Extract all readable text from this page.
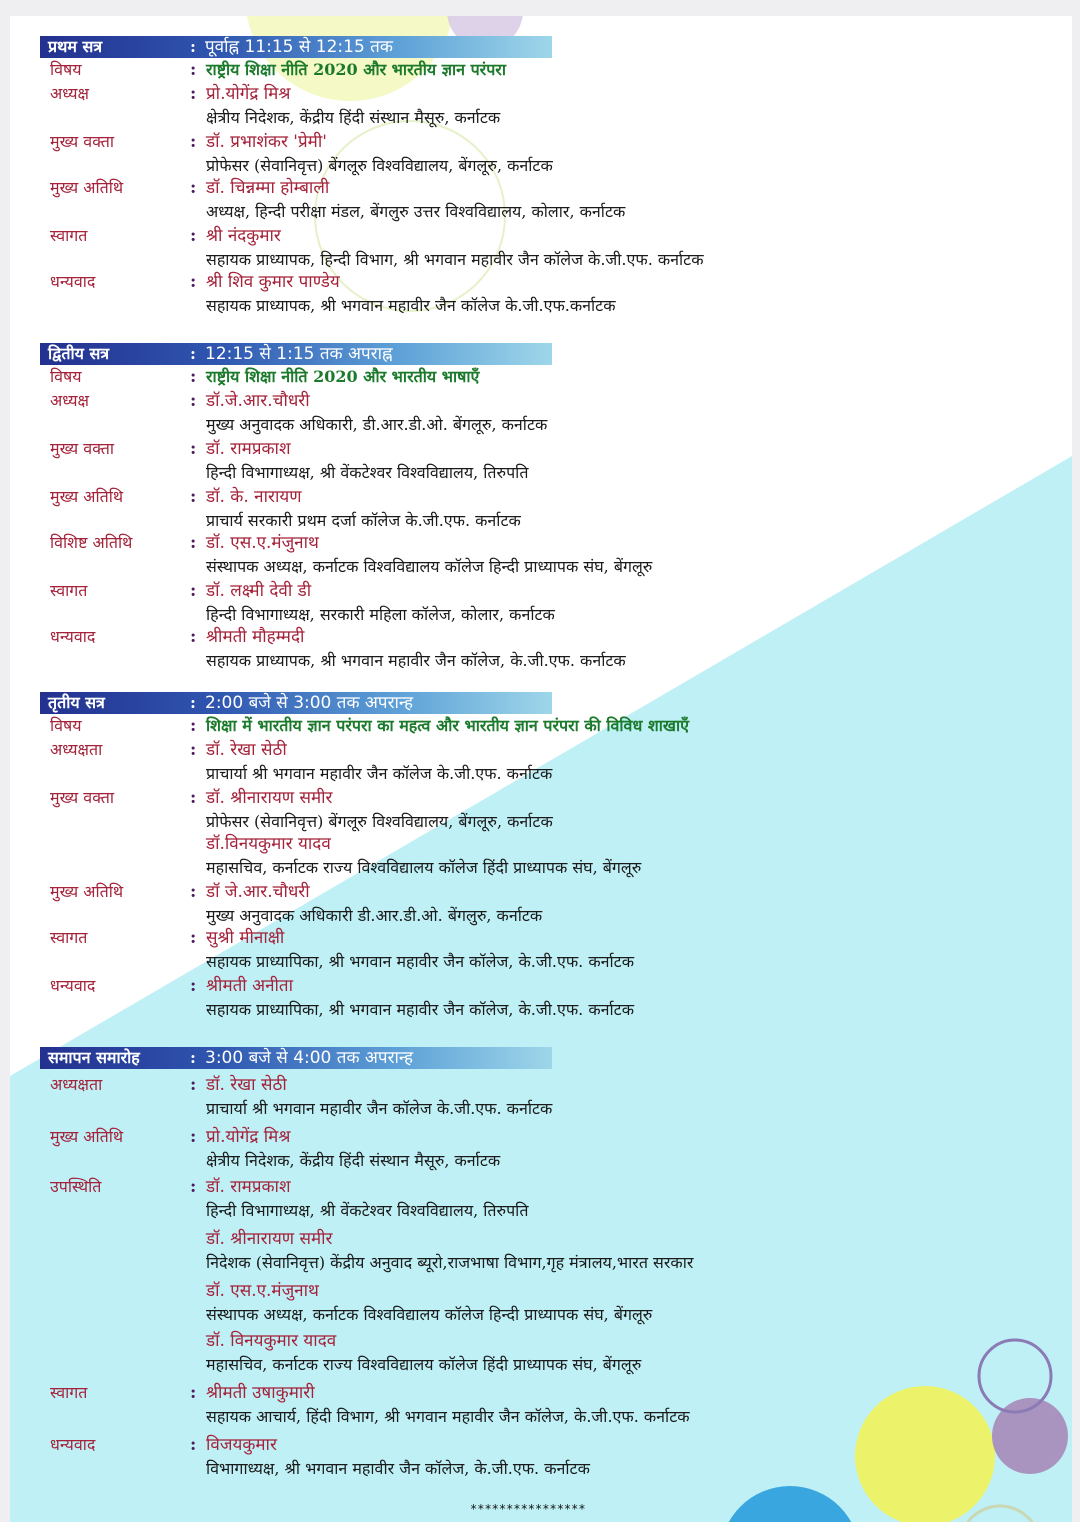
प्रथम सत्र	: पूर्वाह्न 11:15 से 12:15 तक
विषय	: राष्ट्रीय शिक्षा नीति 2020 और भारतीय ज्ञान परंपरा
अध्यक्ष	: प्रो.योगेंद्र मिश्र
क्षेत्रीय निदेशक, केंद्रीय हिंदी संस्थान मैसूरु, कर्नाटक
मुख्य वक्ता	: डॉ. प्रभाशंकर 'प्रेमी'
प्रोफेसर (सेवानिवृत्त) बेंगलूरु विश्वविद्यालय, बेंगलूरु, कर्नाटक
मुख्य अतिथि	: डॉ. चिन्नम्मा होम्बाली
अध्यक्ष, हिन्दी परीक्षा मंडल, बेंगलुरु उत्तर विश्वविद्यालय, कोलार, कर्नाटक
स्वागत	: श्री नंदकुमार
सहायक प्राध्यापक, हिन्दी विभाग, श्री भगवान महावीर जैन कॉलेज के.जी.एफ. कर्नाटक
धन्यवाद	: श्री शिव कुमार पाण्डेय
सहायक प्राध्यापक, श्री भगवान महावीर जैन कॉलेज के.जी.एफ.कर्नाटक
द्वितीय सत्र	: 12:15 से 1:15 तक अपराह्न
विषय	: राष्ट्रीय शिक्षा नीति 2020 और भारतीय भाषाएँ
अध्यक्ष	: डॉ.जे.आर.चौधरी
मुख्य अनुवादक अधिकारी, डी.आर.डी.ओ. बेंगलूरु, कर्नाटक
मुख्य वक्ता	: डॉ. रामप्रकाश
हिन्दी विभागाध्यक्ष, श्री वेंकटेश्वर विश्वविद्यालय, तिरुपति
मुख्य अतिथि	: डॉ. के. नारायण
प्राचार्य सरकारी प्रथम दर्जा कॉलेज के.जी.एफ. कर्नाटक
विशिष्ट अतिथि	: डॉ. एस.ए.मंजुनाथ
संस्थापक अध्यक्ष, कर्नाटक विश्वविद्यालय कॉलेज हिन्दी प्राध्यापक संघ, बेंगलूरु
स्वागत	: डॉ. लक्ष्मी देवी डी
हिन्दी विभागाध्यक्ष, सरकारी महिला कॉलेज, कोलार, कर्नाटक
धन्यवाद	: श्रीमती मौहम्मदी
सहायक प्राध्यापक, श्री भगवान महावीर जैन कॉलेज, के.जी.एफ. कर्नाटक
तृतीय सत्र	: 2:00 बजे से 3:00 तक अपरान्ह
विषय	: शिक्षा में भारतीय ज्ञान परंपरा का महत्व और भारतीय ज्ञान परंपरा की विविध शाखाएँ
अध्यक्षता	: डॉ. रेखा सेठी
प्राचार्या श्री भगवान महावीर जैन कॉलेज के.जी.एफ. कर्नाटक
मुख्य वक्ता	: डॉ. श्रीनारायण समीर
प्रोफेसर (सेवानिवृत्त) बेंगलूरु विश्वविद्यालय, बेंगलूरु, कर्नाटक
डॉ.विनयकुमार यादव
महासचिव, कर्नाटक राज्य विश्वविद्यालय कॉलेज हिंदी प्राध्यापक संघ, बेंगलूरु
मुख्य अतिथि	: डॉ जे.आर.चौधरी
मुख्य अनुवादक अधिकारी डी.आर.डी.ओ. बेंगलुरु, कर्नाटक
स्वागत	: सुश्री मीनाक्षी
सहायक प्राध्यापिका, श्री भगवान महावीर जैन कॉलेज, के.जी.एफ. कर्नाटक
धन्यवाद	: श्रीमती अनीता
सहायक प्राध्यापिका, श्री भगवान महावीर जैन कॉलेज, के.जी.एफ. कर्नाटक
समापन समारोह	: 3:00 बजे से 4:00 तक अपरान्ह
अध्यक्षता	: डॉ. रेखा सेठी
प्राचार्या श्री भगवान महावीर जैन कॉलेज के.जी.एफ. कर्नाटक
मुख्य अतिथि	: प्रो.योगेंद्र मिश्र
क्षेत्रीय निदेशक, केंद्रीय हिंदी संस्थान मैसूरु, कर्नाटक
उपस्थिति	: डॉ. रामप्रकाश
हिन्दी विभागाध्यक्ष, श्री वेंकटेश्वर विश्वविद्यालय, तिरुपति
डॉ. श्रीनारायण समीर
निदेशक (सेवानिवृत्त) केंद्रीय अनुवाद ब्यूरो,राजभाषा विभाग,गृह मंत्रालय,भारत सरकार
डॉ. एस.ए.मंजुनाथ
संस्थापक अध्यक्ष, कर्नाटक विश्वविद्यालय कॉलेज हिन्दी प्राध्यापक संघ, बेंगलूरु
डॉ. विनयकुमार यादव
महासचिव, कर्नाटक राज्य विश्वविद्यालय कॉलेज हिंदी प्राध्यापक संघ, बेंगलूरु
स्वागत	: श्रीमती उषाकुमारी
सहायक आचार्य, हिंदी विभाग, श्री भगवान महावीर जैन कॉलेज, के.जी.एफ. कर्नाटक
धन्यवाद	: विजयकुमार
विभागाध्यक्ष, श्री भगवान महावीर जैन कॉलेज, के.जी.एफ. कर्नाटक
****************
